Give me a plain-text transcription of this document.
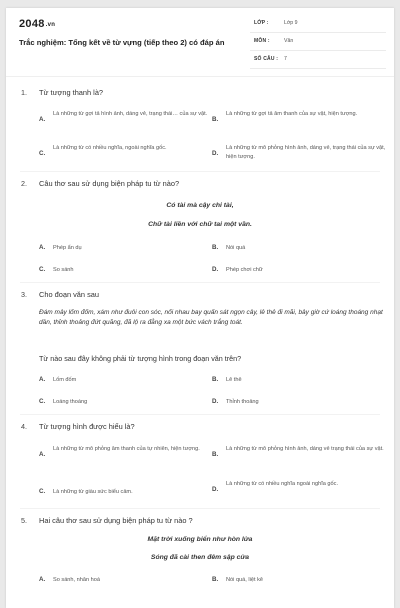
2048.vn
Trắc nghiệm: Tổng kết về từ vựng (tiếp theo 2) có đáp án
LỚP :	Lớp 9
MÔN :	Văn
SỐ CÂU : 7
1. Từ tượng thanh là?
A.
Là những từ gợi tả hình ảnh, dáng vẻ, trạng thái… của sự vật.
B.
Là những từ gợi tả âm thanh của sự vật, hiện tượng.
C.
Là những từ có nhiều nghĩa, ngoài nghĩa gốc.
D.
Là những từ mô phỏng hình ảnh, dáng vẻ, trạng thái của sự vật, hiện tượng.
2. Câu thơ sau sử dụng biện pháp tu từ nào?
Có tài mà cậy chi tài,
Chữ tài liền với chữ tai một vần.
A. Phép ẩn dụ	B. Nói quá
C. So sánh	D. Phép chơi chữ
3. Cho đoạn văn sau
Đám mây lốm đốm, xám như đuôi con sóc, nối nhau bay quấn sát ngọn cây, lê thê đi mãi, bây giờ cứ loáng thoáng nhạt dần, thỉnh thoảng đứt quãng, đã lộ ra đằng xa một bức vách trắng toát.
Từ nào sau đây không phải từ tượng hình trong đoạn văn trên?
A. Lốm đốm	B. Lê thê
C. Loáng thoáng	D. Thỉnh thoảng
4. Từ tượng hình được hiểu là?
A.
Là những từ mô phỏng âm thanh của tự nhiên, hiện tượng.
B.
Là những từ mô phỏng hình ảnh, dáng vẻ trạng thái của sự vật.
C. Là những từ giàu sức biểu cảm.	D.
Là những từ có nhiều nghĩa ngoài nghĩa gốc.
5. Hai câu thơ sau sử dụng biện pháp tu từ nào ?
Mặt trời xuống biển như hòn lửa
Sóng đã cài then đêm sập cửa
A. So sánh, nhân hoá	B. Nói quá, liệt kê
